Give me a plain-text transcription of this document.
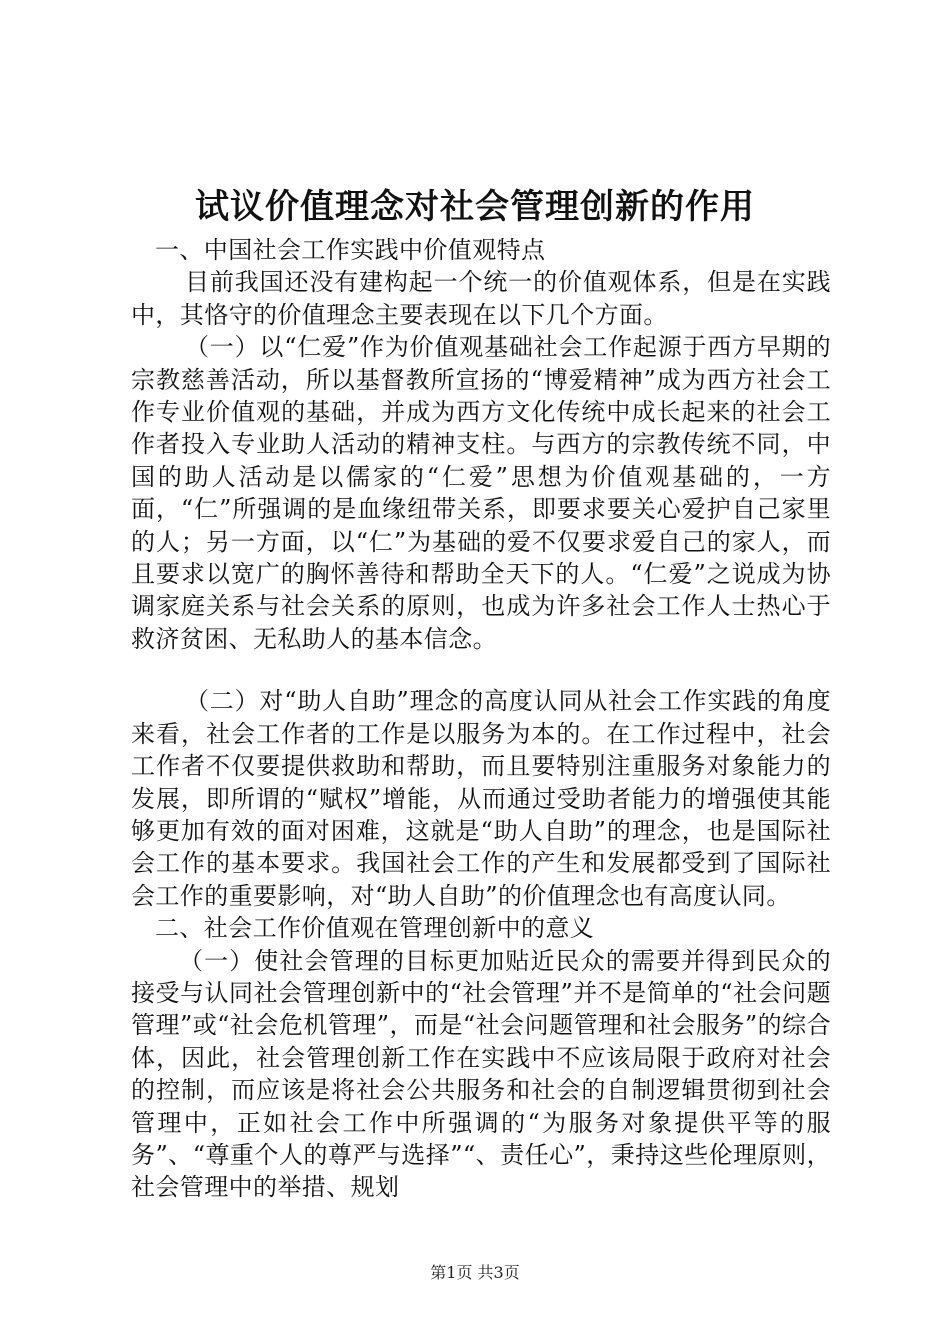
试议价值理念对社会管理创新的作用

一、中国社会工作实践中价值观特点

目前我国还没有建构起一个统一的价值观体系，但是在实践中，其恪守的价值理念主要表现在以下几个方面。

（一）以“仁爱”作为价值观基础社会工作起源于西方早期的宗教慈善活动，所以基督教所宣扬的“博爱精神”成为西方社会工作专业价值观的基础，并成为西方文化传统中成长起来的社会工作者投入专业助人活动的精神支柱。与西方的宗教传统不同，中国的助人活动是以儒家的“仁爱”思想为价值观基础的，一方面，“仁”所强调的是血缘纽带关系，即要求要关心爱护自己家里的人；另一方面，以“仁”为基础的爱不仅要求爱自己的家人，而且要求以宽广的胸怀善待和帮助全天下的人。“仁爱”之说成为协调家庭关系与社会关系的原则，也成为许多社会工作人士热心于救济贫困、无私助人的基本信念。

（二）对“助人自助”理念的高度认同从社会工作实践的角度来看，社会工作者的工作是以服务为本的。在工作过程中，社会工作者不仅要提供救助和帮助，而且要特别注重服务对象能力的发展，即所谓的“赋权”增能，从而通过受助者能力的增强使其能够更加有效的面对困难，这就是“助人自助”的理念，也是国际社会工作的基本要求。我国社会工作的产生和发展都受到了国际社会工作的重要影响，对“助人自助”的价值理念也有高度认同。

二、社会工作价值观在管理创新中的意义

（一）使社会管理的目标更加贴近民众的需要并得到民众的接受与认同社会管理创新中的“社会管理”并不是简单的“社会问题管理”或“社会危机管理”，而是“社会问题管理和社会服务”的综合体，因此，社会管理创新工作在实践中不应该局限于政府对社会的控制，而应该是将社会公共服务和社会的自制逻辑贯彻到社会管理中，正如社会工作中所强调的“为服务对象提供平等的服务”、“尊重个人的尊严与选择”“、责任心”，秉持这些伦理原则，社会管理中的举措、规划

第1页 共3页
